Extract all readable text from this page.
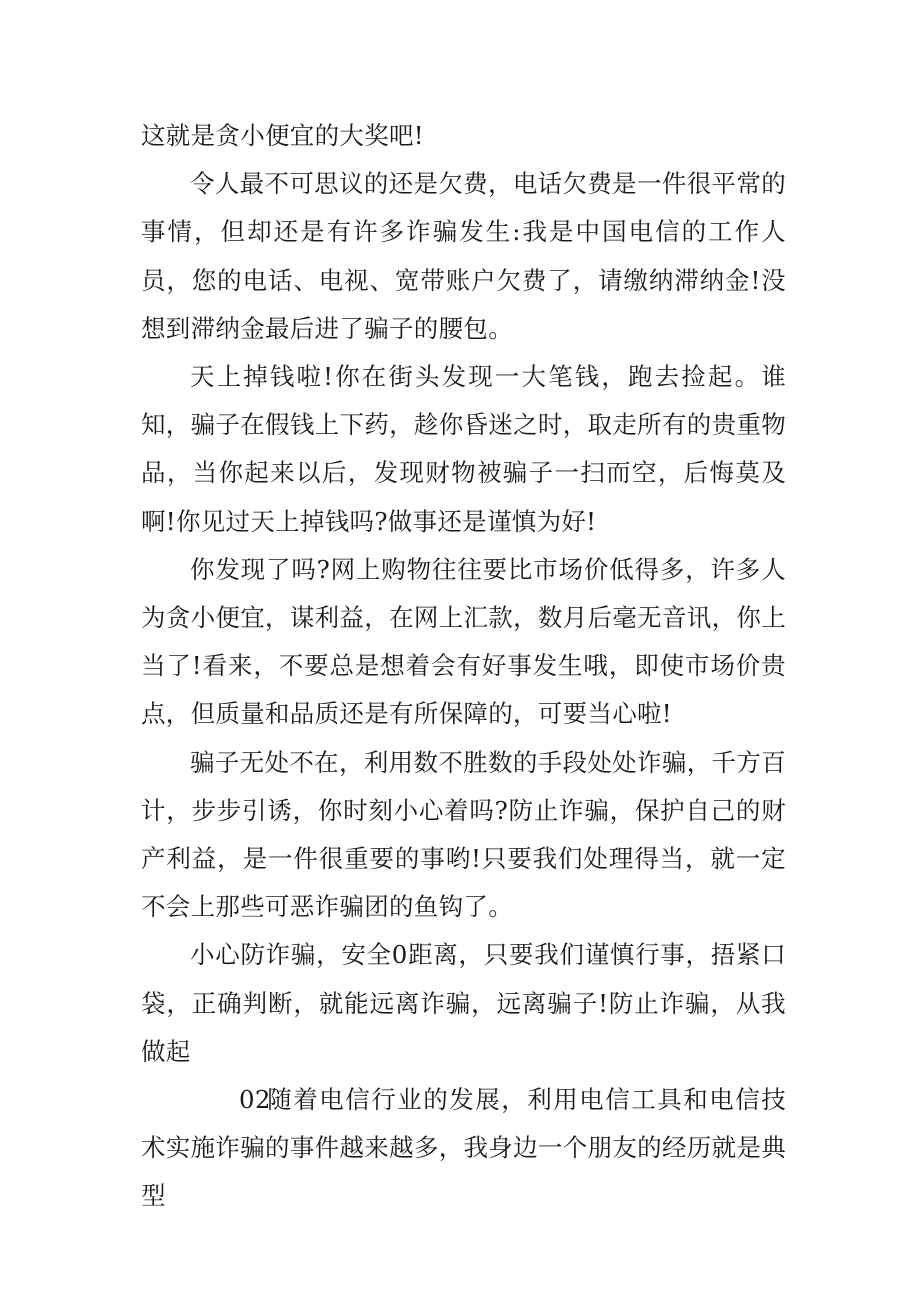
这就是贪小便宜的大奖吧!

令人最不可思议的还是欠费，电话欠费是一件很平常的事情，但却还是有许多诈骗发生:我是中国电信的工作人员，您的电话、电视、宽带账户欠费了，请缴纳滞纳金!没想到滞纳金最后进了骗子的腰包。

天上掉钱啦!你在街头发现一大笔钱，跑去捡起。谁知，骗子在假钱上下药，趁你昏迷之时，取走所有的贵重物品，当你起来以后，发现财物被骗子一扫而空，后悔莫及啊!你见过天上掉钱吗?做事还是谨慎为好!

你发现了吗?网上购物往往要比市场价低得多，许多人为贪小便宜，谋利益，在网上汇款，数月后毫无音讯，你上当了!看来，不要总是想着会有好事发生哦，即使市场价贵点，但质量和品质还是有所保障的，可要当心啦!

骗子无处不在，利用数不胜数的手段处处诈骗，千方百计，步步引诱，你时刻小心着吗?防止诈骗，保护自己的财产利益，是一件很重要的事哟!只要我们处理得当，就一定不会上那些可恶诈骗团的鱼钩了。

小心防诈骗，安全0距离，只要我们谨慎行事，捂紧口袋，正确判断，就能远离诈骗，远离骗子!防止诈骗，从我做起

02随着电信行业的发展，利用电信工具和电信技术实施诈骗的事件越来越多，我身边一个朋友的经历就是典型
